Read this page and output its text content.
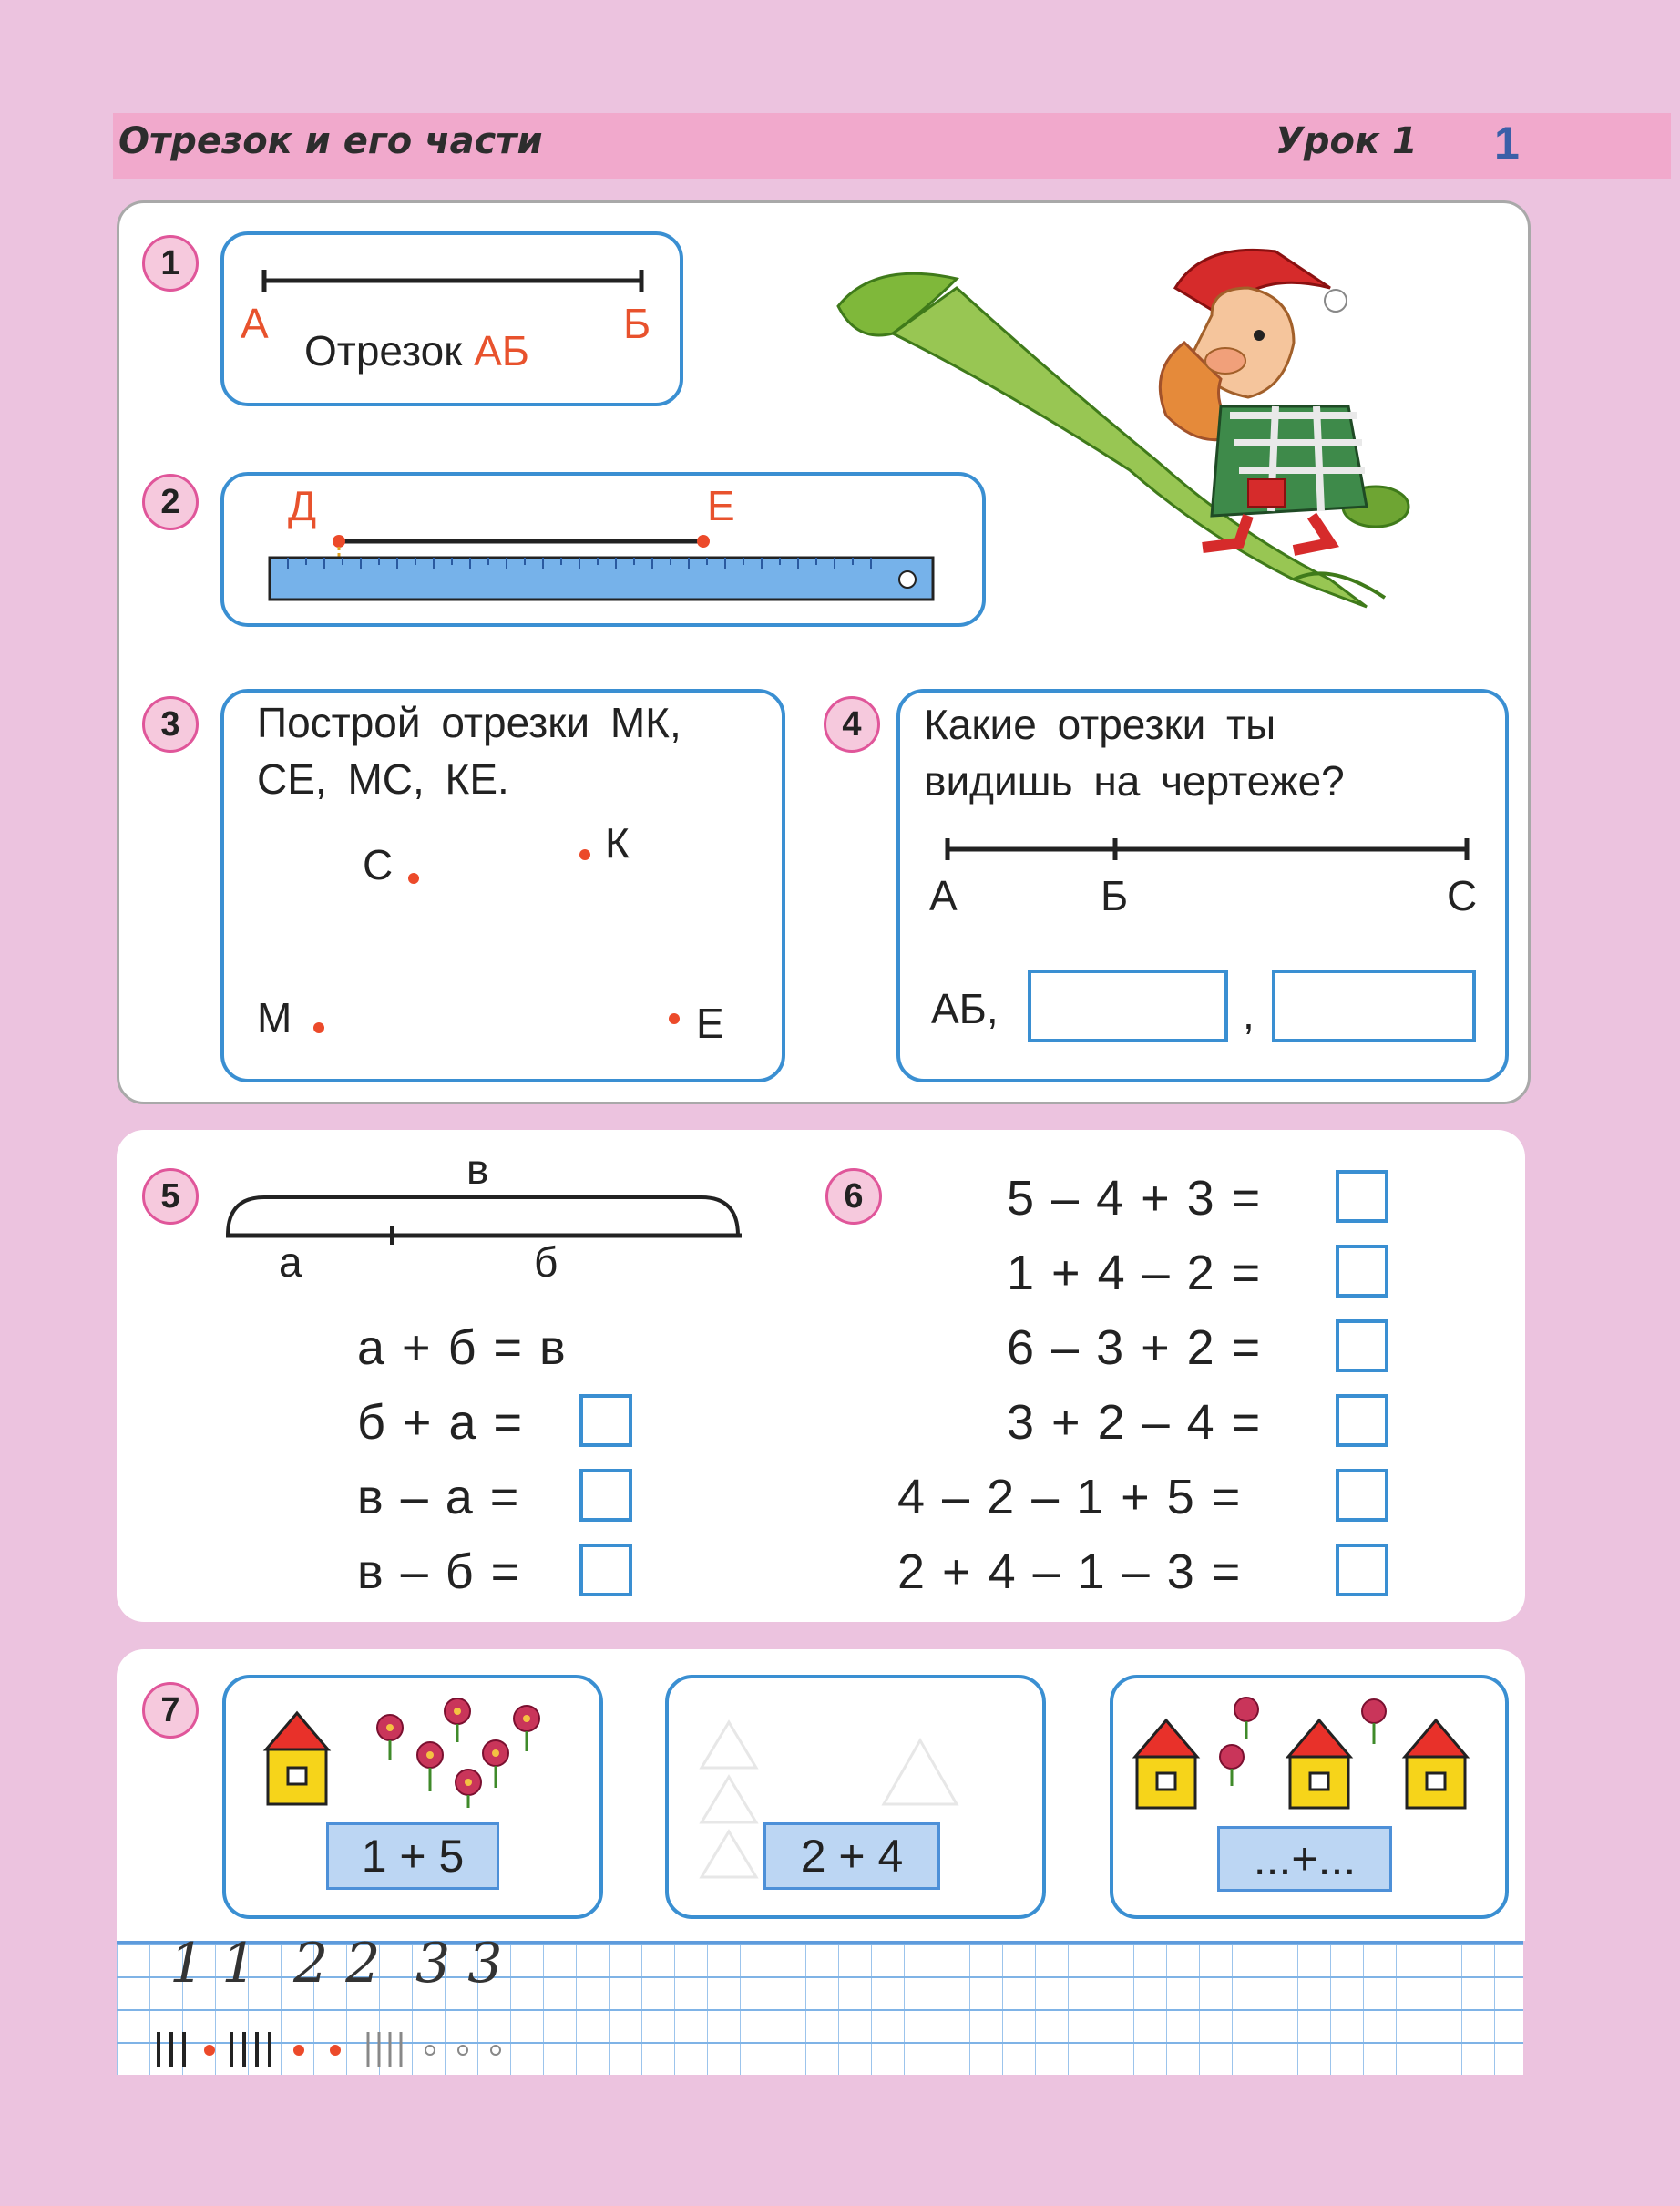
Отрезок и его части	Урок 1 1
1
А	Б
Отрезок АБ
2	Д	Е
3	Построй отрезки МК,
СЕ, МС, КЕ.
С	К
М	Е
4	Какие отрезки ты
видишь на чертеже?
А	Б	С
АБ,	,
5
в
а	б
а + б = в
б + а =
в – а =
в – б =
6	5 – 4 + 3 =
1 + 4 – 2 =
6 – 3 + 2 =
3 + 2 – 4 =
4 – 2 – 1 + 5 =
2 + 4 – 1 – 3 =
7
1 + 5	2 + 4	...+...
1 1 2 2 3 3
